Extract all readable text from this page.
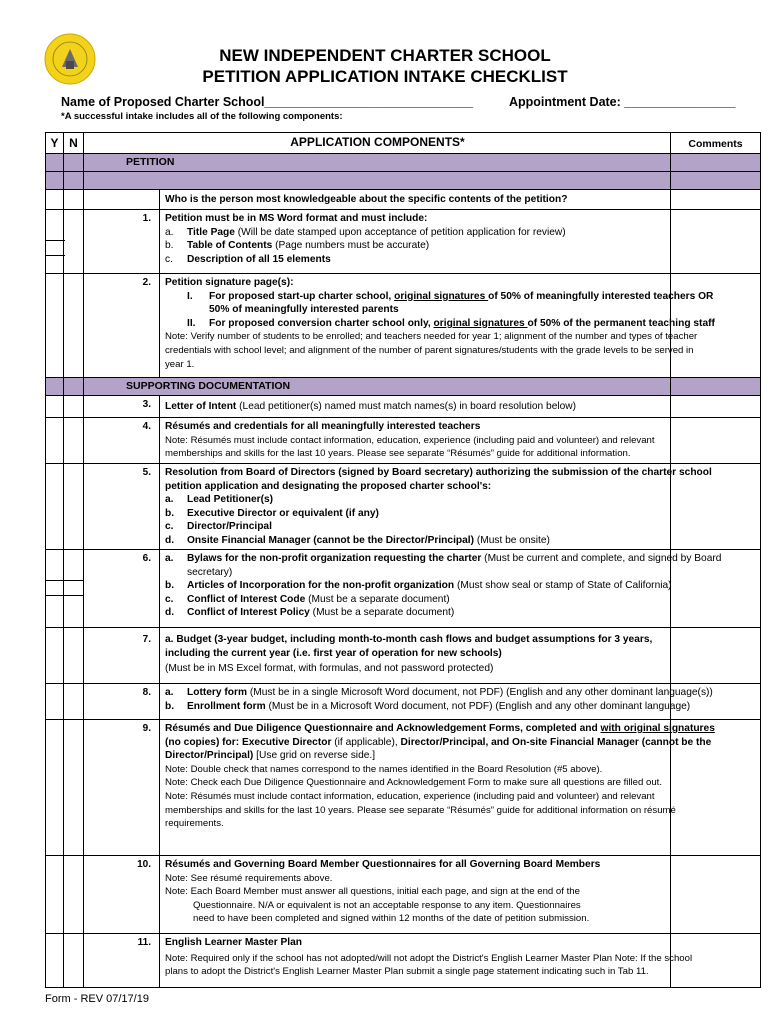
NEW INDEPENDENT CHARTER SCHOOL
PETITION APPLICATION INTAKE CHECKLIST
Name of Proposed Charter School______________________________	Appointment Date: ________________
*A successful intake includes all of the following components:
Y N	APPLICATION COMPONENTS*	Comments
PETITION
Who is the person most knowledgeable about the specific contents of the petition?
1.	Petition must be in MS Word format and must include:
a. Title Page (Will be date stamped upon acceptance of petition application for review)
b. Table of Contents (Page numbers must be accurate)
c. Description of all 15 elements
2.	Petition signature page(s):
I. For proposed start-up charter school, original signatures of 50% of meaningfully interested teachers OR
50% of meaningfully interested parents
II. For proposed conversion charter school only, original signatures of 50% of the permanent teaching staff
Note: Verify number of students to be enrolled; and teachers needed for year 1; alignment of the number and types of teacher
credentials with school level; and alignment of the number of parent signatures/students with the grade levels to be served in
year 1.
SUPPORTING DOCUMENTATION
3.	Letter of Intent (Lead petitioner(s) named must match names(s) in board resolution below)
4.	Résumés and credentials for all meaningfully interested teachers
Note: Résumés must include contact information, education, experience (including paid and volunteer) and relevant
memberships and skills for the last 10 years. Please see separate “Résumés” guide for additional information.
5.	Resolution from Board of Directors (signed by Board secretary) authorizing the submission of the charter school
petition application and designating the proposed charter school's:
a. Lead Petitioner(s)
b. Executive Director or equivalent (if any)
c. Director/Principal
d. Onsite Financial Manager (cannot be the Director/Principal) (Must be onsite)
6.	a. Bylaws for the non-profit organization requesting the charter (Must be current and complete, and signed by Board
secretary)
b. Articles of Incorporation for the non-profit organization (Must show seal or stamp of State of California)
c. Conflict of Interest Code (Must be a separate document)
d. Conflict of Interest Policy (Must be a separate document)
7.	a. Budget (3-year budget, including month-to-month cash flows and budget assumptions for 3 years,
including the current year (i.e. first year of operation for new schools)
(Must be in MS Excel format, with formulas, and not password protected)
8.	a. Lottery form (Must be in a single Microsoft Word document, not PDF) (English and any other dominant language(s))
b. Enrollment form (Must be in a Microsoft Word document, not PDF) (English and any other dominant language)
9.	Résumés and Due Diligence Questionnaire and Acknowledgement Forms, completed and with original signatures
(no copies) for: Executive Director (if applicable), Director/Principal, and On-site Financial Manager (cannot be the
Director/Principal) [Use grid on reverse side.]
Note: Double check that names correspond to the names identified in the Board Resolution (#5 above).
Note: Check each Due Diligence Questionnaire and Acknowledgement Form to make sure all questions are filled out.
Note: Résumés must include contact information, education, experience (including paid and volunteer) and relevant
memberships and skills for the last 10 years. Please see separate “Résumés” guide for additional information on résumé
requirements.
10.	Résumés and Governing Board Member Questionnaires for all Governing Board Members
Note: See résumé requirements above.
Note: Each Board Member must answer all questions, initial each page, and sign at the end of the
Questionnaire. N/A or equivalent is not an acceptable response to any item. Questionnaires
need to have been completed and signed within 12 months of the date of petition submission.
11.	English Learner Master Plan
Note: Required only if the school has not adopted/will not adopt the District's English Learner Master Plan Note: If the school
plans to adopt the District's English Learner Master Plan submit a single page statement indicating such in Tab 11.
Form - REV 07/17/19
